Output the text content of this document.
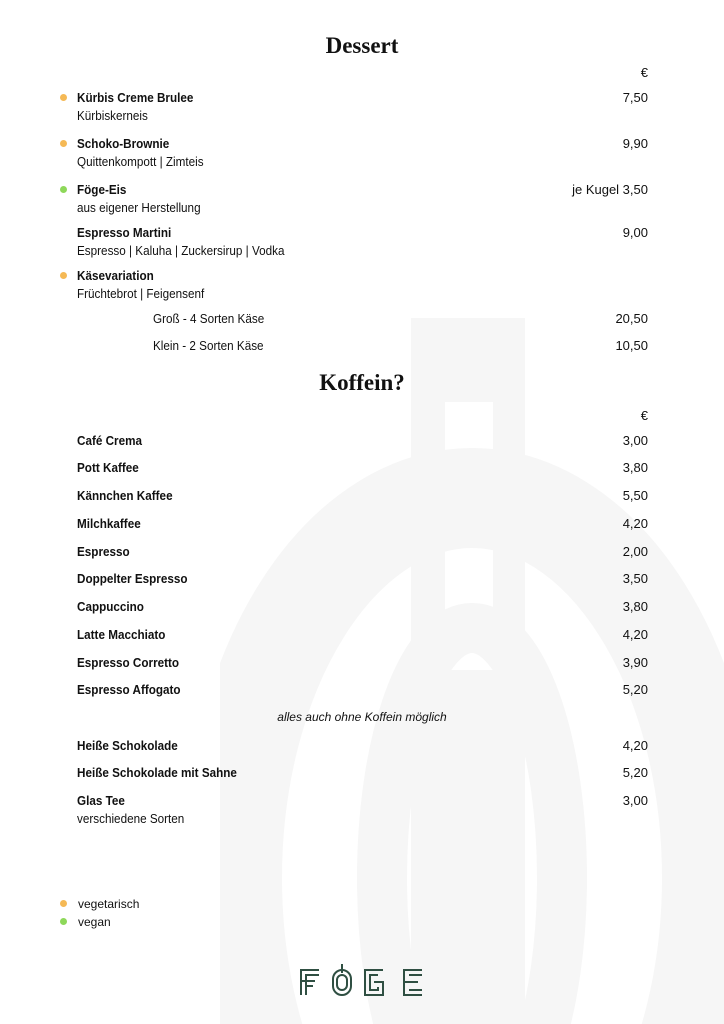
Dessert
€
Kürbis Creme Brulee
Kürbiskerneis
7,50
Schoko-Brownie
Quittenkompott | Zimteis
9,90
Föge-Eis
aus eigener Herstellung
je Kugel 3,50
Espresso Martini
Espresso | Kaluha | Zuckersirup | Vodka
9,00
Käsevariation
Früchtebrot | Feigensenf
Groß - 4 Sorten Käse	20,50
Klein - 2 Sorten Käse	10,50
Koffein?
€
Café Crema	3,00
Pott Kaffee	3,80
Kännchen Kaffee	5,50
Milchkaffee	4,20
Espresso	2,00
Doppelter Espresso	3,50
Cappuccino	3,80
Latte Macchiato	4,20
Espresso Corretto	3,90
Espresso Affogato	5,20
alles auch ohne Koffein möglich
Heiße Schokolade	4,20
Heiße Schokolade mit Sahne	5,20
Glas Tee
verschiedene Sorten
3,00
vegetarisch
vegan
